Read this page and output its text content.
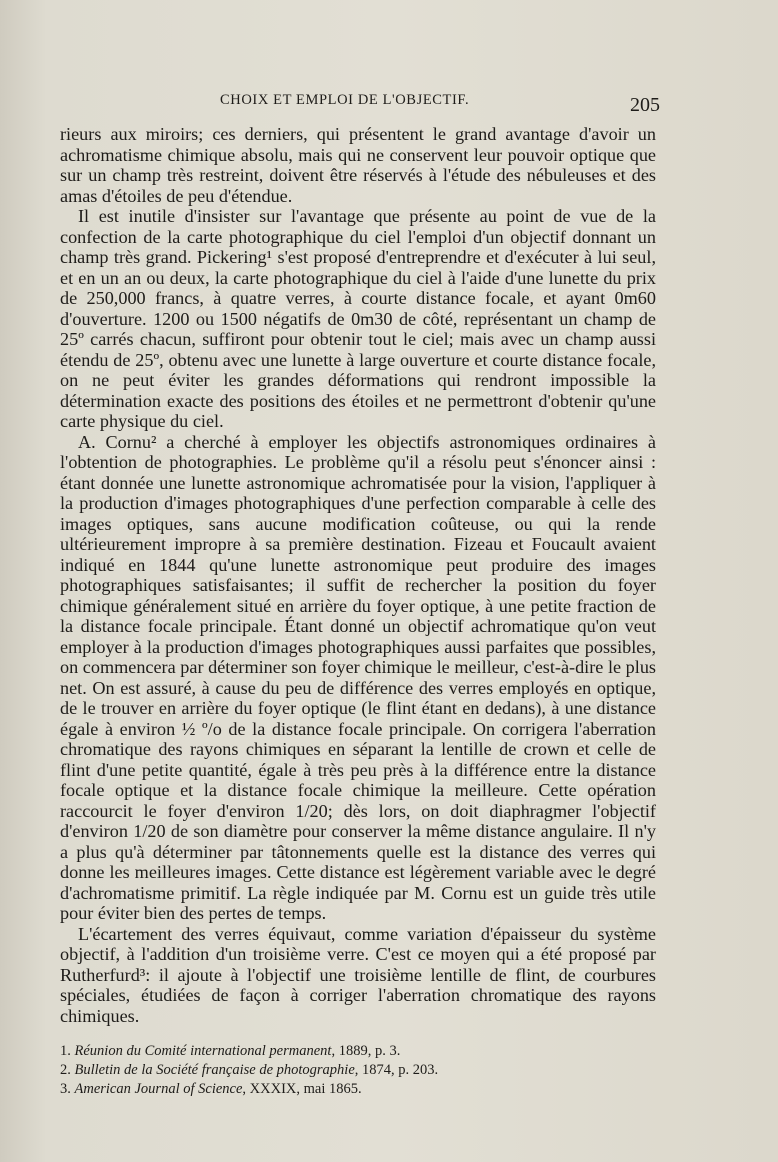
CHOIX ET EMPLOI DE L'OBJECTIF.	205

rieurs aux miroirs; ces derniers, qui présentent le grand avantage d'avoir un achromatisme chimique absolu, mais qui ne conservent leur pouvoir optique que sur un champ très restreint, doivent être réservés à l'étude des nébuleuses et des amas d'étoiles de peu d'étendue.

Il est inutile d'insister sur l'avantage que présente au point de vue de la confection de la carte photographique du ciel l'emploi d'un objectif donnant un champ très grand. Pickering¹ s'est proposé d'entreprendre et d'exécuter à lui seul, et en un an ou deux, la carte photographique du ciel à l'aide d'une lunette du prix de 250,000 francs, à quatre verres, à courte distance focale, et ayant 0m60 d'ouverture. 1200 ou 1500 négatifs de 0m30 de côté, représentant un champ de 25º carrés chacun, suffiront pour obtenir tout le ciel; mais avec un champ aussi étendu de 25º, obtenu avec une lunette à large ouverture et courte distance focale, on ne peut éviter les grandes déformations qui rendront impossible la détermination exacte des positions des étoiles et ne permettront d'obtenir qu'une carte physique du ciel.

A. Cornu² a cherché à employer les objectifs astronomiques ordinaires à l'obtention de photographies. Le problème qu'il a résolu peut s'énoncer ainsi : étant donnée une lunette astronomique achromatisée pour la vision, l'appliquer à la production d'images photographiques d'une perfection comparable à celle des images optiques, sans aucune modification coûteuse, ou qui la rende ultérieurement impropre à sa première destination. Fizeau et Foucault avaient indiqué en 1844 qu'une lunette astronomique peut produire des images photographiques satisfaisantes; il suffit de rechercher la position du foyer chimique généralement situé en arrière du foyer optique, à une petite fraction de la distance focale principale. Étant donné un objectif achromatique qu'on veut employer à la production d'images photographiques aussi parfaites que possibles, on commencera par déterminer son foyer chimique le meilleur, c'est-à-dire le plus net. On est assuré, à cause du peu de différence des verres employés en optique, de le trouver en arrière du foyer optique (le flint étant en dedans), à une distance égale à environ ½ º/o de la distance focale principale. On corrigera l'aberration chromatique des rayons chimiques en séparant la lentille de crown et celle de flint d'une petite quantité, égale à très peu près à la différence entre la distance focale optique et la distance focale chimique la meilleure. Cette opération raccourcit le foyer d'environ 1/20; dès lors, on doit diaphragmer l'objectif d'environ 1/20 de son diamètre pour conserver la même distance angulaire. Il n'y a plus qu'à déterminer par tâtonnements quelle est la distance des verres qui donne les meilleures images. Cette distance est légèrement variable avec le degré d'achromatisme primitif. La règle indiquée par M. Cornu est un guide très utile pour éviter bien des pertes de temps.

L'écartement des verres équivaut, comme variation d'épaisseur du système objectif, à l'addition d'un troisième verre. C'est ce moyen qui a été proposé par Rutherfurd³: il ajoute à l'objectif une troisième lentille de flint, de courbures spéciales, étudiées de façon à corriger l'aberration chromatique des rayons chimiques.

1. Réunion du Comité international permanent, 1889, p. 3.
2. Bulletin de la Société française de photographie, 1874, p. 203.
3. American Journal of Science, XXXIX, mai 1865.
